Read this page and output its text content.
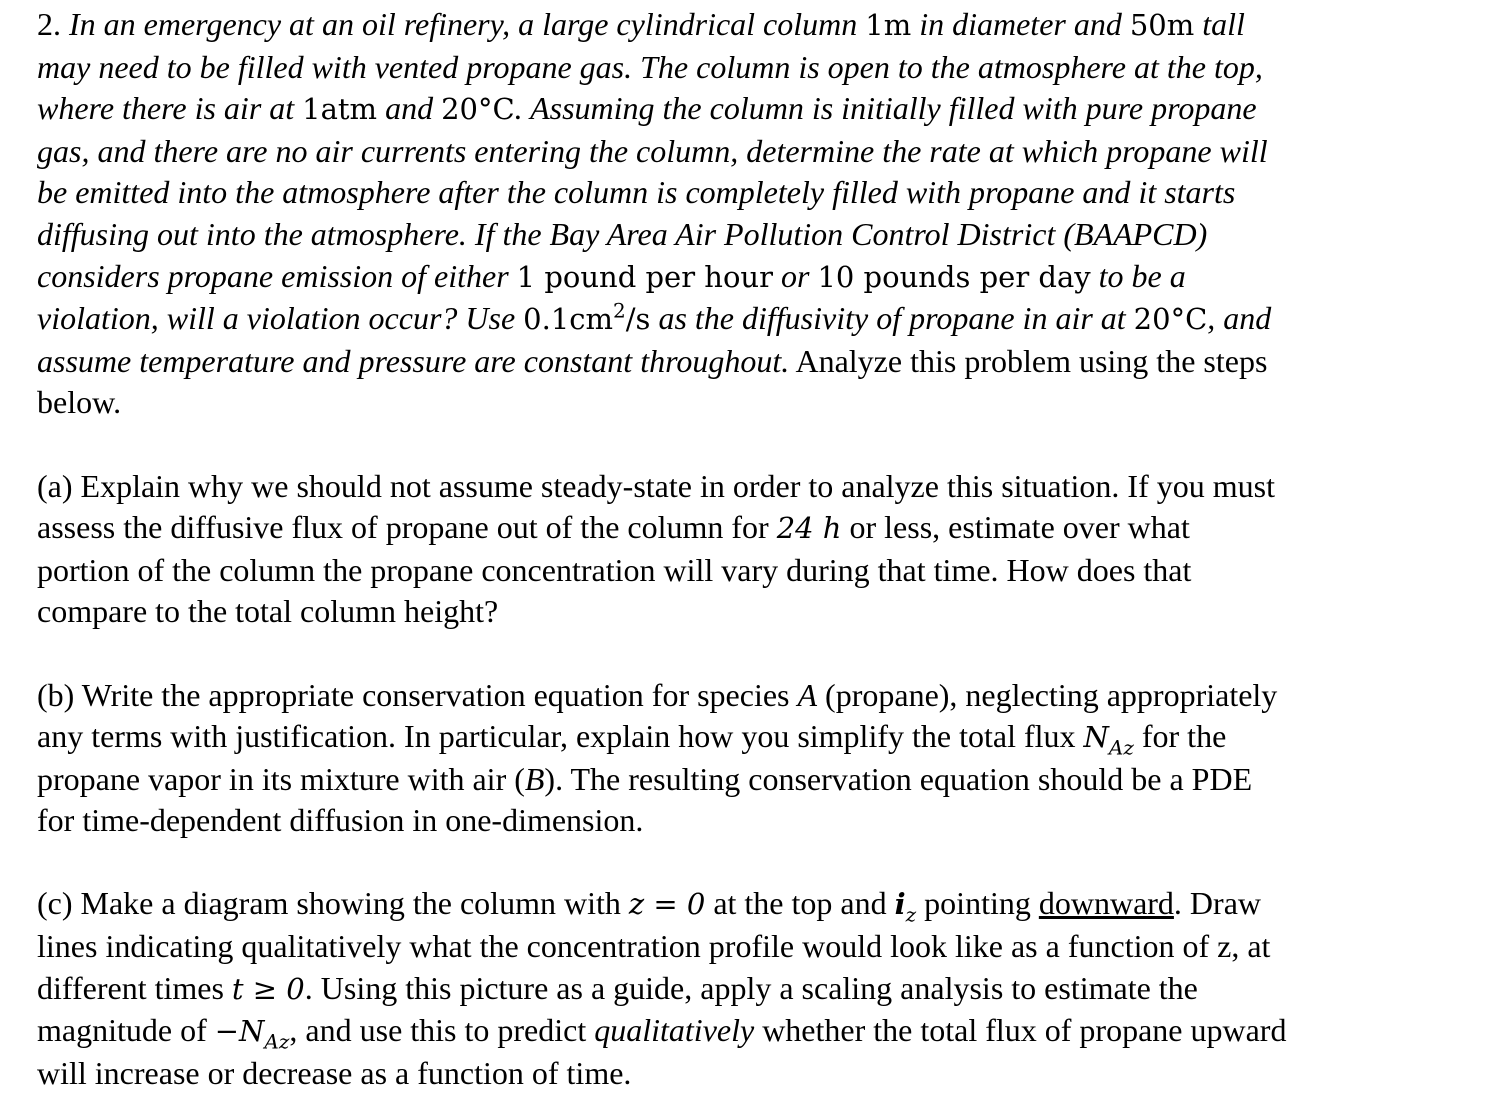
2. In an emergency at an oil refinery, a large cylindrical column 1m in diameter and 50m tall
may need to be filled with vented propane gas. The column is open to the atmosphere at the top,
where there is air at 1atm and 20°C. Assuming the column is initially filled with pure propane
gas, and there are no air currents entering the column, determine the rate at which propane will
be emitted into the atmosphere after the column is completely filled with propane and it starts
diffusing out into the atmosphere. If the Bay Area Air Pollution Control District (BAAPCD)
considers propane emission of either 1 pound per hour or 10 pounds per day to be a
violation, will a violation occur? Use $0.1cm^2/s$ as the diffusivity of propane in air at 20°C, and
assume temperature and pressure are constant throughout. Analyze this problem using the steps
below.

(a) Explain why we should not assume steady-state in order to analyze this situation. If you must
assess the diffusive flux of propane out of the column for 24 h or less, estimate over what
portion of the column the propane concentration will vary during that time. How does that
compare to the total column height?

(b) Write the appropriate conservation equation for species A (propane), neglecting appropriately
any terms with justification. In particular, explain how you simplify the total flux $N_{Az}$ for the
propane vapor in its mixture with air (B). The resulting conservation equation should be a PDE
for time-dependent diffusion in one-dimension.

(c) Make a diagram showing the column with z = 0 at the top and $i_z$ pointing downward. Draw
lines indicating qualitatively what the concentration profile would look like as a function of z, at
different times t ≥ 0. Using this picture as a guide, apply a scaling analysis to estimate the
magnitude of $-N_{Az}$, and use this to predict qualitatively whether the total flux of propane upward
will increase or decrease as a function of time.
